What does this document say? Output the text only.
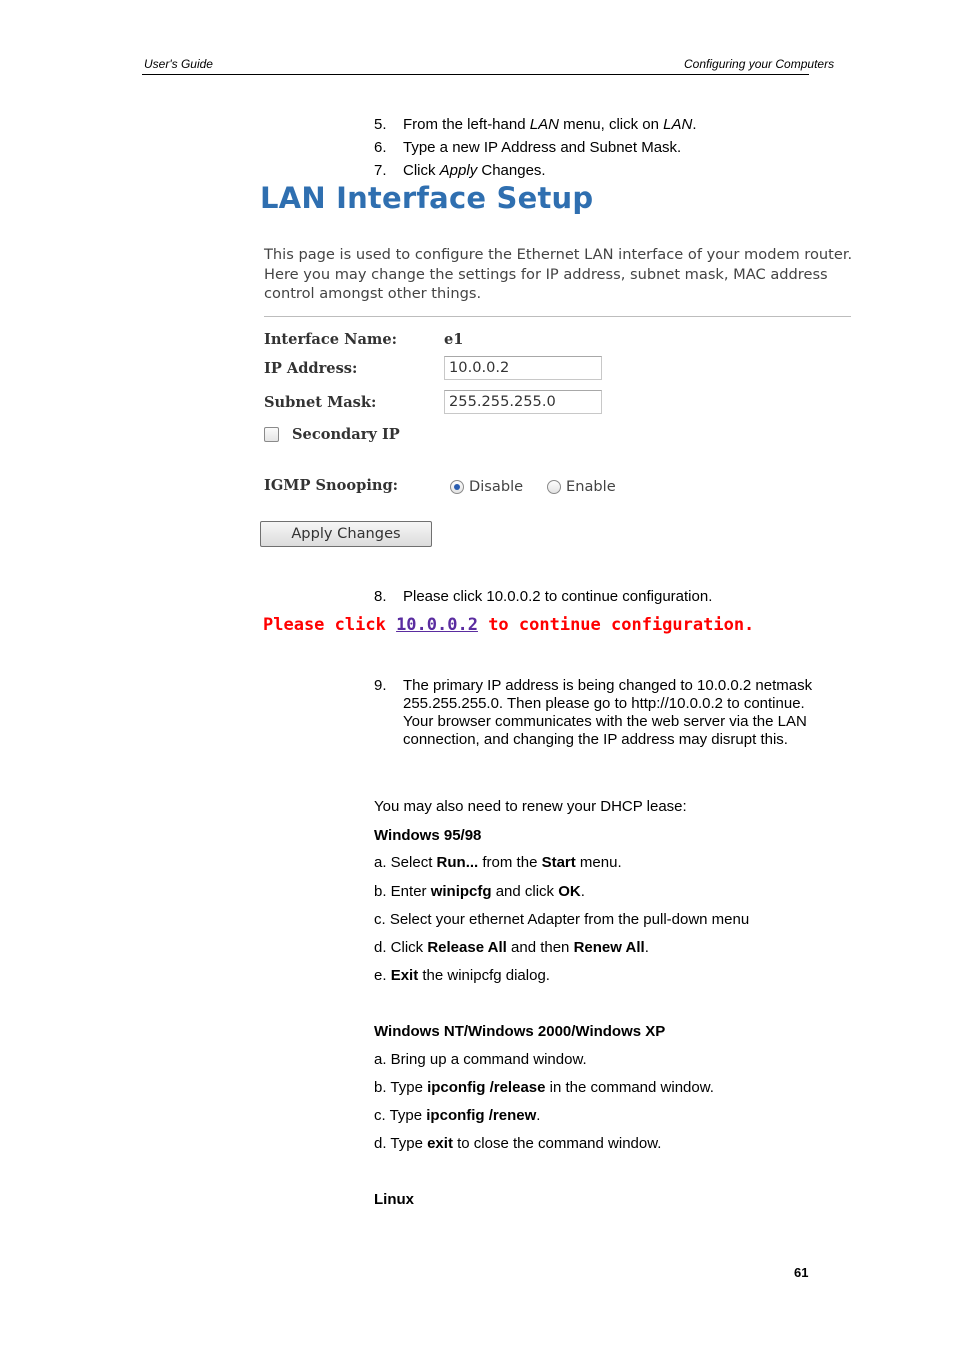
User's Guide	Configuring your Computers
5. From the left-hand LAN menu, click on LAN.
6. Type a new IP Address and Subnet Mask.
7. Click Apply Changes.
LAN Interface Setup
This page is used to configure the Ethernet LAN interface of your modem router. Here you may change the settings for IP address, subnet mask, MAC address control amongst other things.
Interface Name:	e1
IP Address:	10.0.0.2
Subnet Mask:	255.255.255.0
Secondary IP
IGMP Snooping:	Disable	Enable
Apply Changes
8. Please click 10.0.0.2 to continue configuration.
Please click 10.0.0.2 to continue configuration.
9. The primary IP address is being changed to 10.0.0.2 netmask 255.255.255.0. Then please go to http://10.0.0.2 to continue. Your browser communicates with the web server via the LAN connection, and changing the IP address may disrupt this.
You may also need to renew your DHCP lease:
Windows 95/98
a. Select Run... from the Start menu.
b. Enter winipcfg and click OK.
c. Select your ethernet Adapter from the pull-down menu
d. Click Release All and then Renew All.
e. Exit the winipcfg dialog.
Windows NT/Windows 2000/Windows XP
a. Bring up a command window.
b. Type ipconfig /release in the command window.
c. Type ipconfig /renew.
d. Type exit to close the command window.
Linux
61
